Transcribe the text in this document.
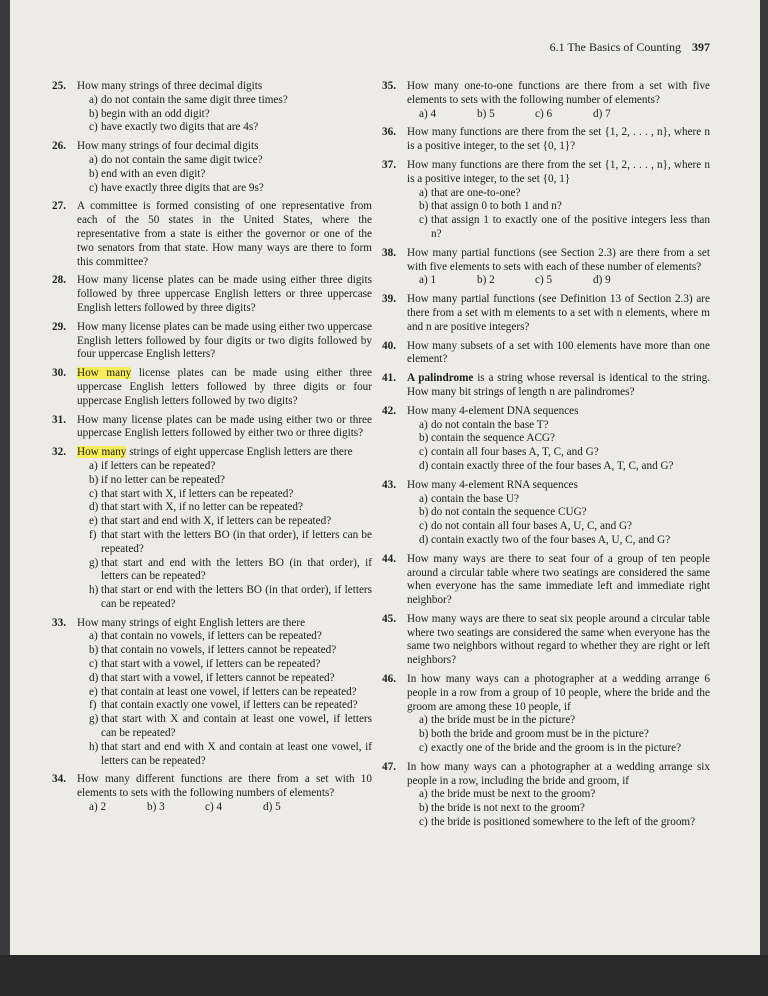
6.1 The Basics of Counting 397
25. How many strings of three decimal digits
a) do not contain the same digit three times?
b) begin with an odd digit?
c) have exactly two digits that are 4s?
26. How many strings of four decimal digits
a) do not contain the same digit twice?
b) end with an even digit?
c) have exactly three digits that are 9s?
27. A committee is formed consisting of one representative from each of the 50 states in the United States, where the representative from a state is either the governor or one of the two senators from that state. How many ways are there to form this committee?
28. How many license plates can be made using either three digits followed by three uppercase English letters or three uppercase English letters followed by three digits?
29. How many license plates can be made using either two uppercase English letters followed by four digits or two digits followed by four uppercase English letters?
30. How many license plates can be made using either three uppercase English letters followed by three digits or four uppercase English letters followed by two digits?
31. How many license plates can be made using either two or three uppercase English letters followed by either two or three digits?
32. How many strings of eight uppercase English letters are there
a) if letters can be repeated?
b) if no letter can be repeated?
c) that start with X, if letters can be repeated?
d) that start with X, if no letter can be repeated?
e) that start and end with X, if letters can be repeated?
f) that start with the letters BO (in that order), if letters can be repeated?
g) that start and end with the letters BO (in that order), if letters can be repeated?
h) that start or end with the letters BO (in that order), if letters can be repeated?
33. How many strings of eight English letters are there
a) that contain no vowels, if letters can be repeated?
b) that contain no vowels, if letters cannot be repeated?
c) that start with a vowel, if letters can be repeated?
d) that start with a vowel, if letters cannot be repeated?
e) that contain at least one vowel, if letters can be repeated?
f) that contain exactly one vowel, if letters can be repeated?
g) that start with X and contain at least one vowel, if letters can be repeated?
h) that start and end with X and contain at least one vowel, if letters can be repeated?
34. How many different functions are there from a set with 10 elements to sets with the following numbers of elements?
a) 2	b) 3	c) 4	d) 5
35. How many one-to-one functions are there from a set with five elements to sets with the following number of elements?
a) 4	b) 5	c) 6	d) 7
36. How many functions are there from the set {1, 2, . . . , n}, where n is a positive integer, to the set {0, 1}?
37. How many functions are there from the set {1, 2, . . . , n}, where n is a positive integer, to the set {0, 1}
a) that are one-to-one?
b) that assign 0 to both 1 and n?
c) that assign 1 to exactly one of the positive integers less than n?
38. How many partial functions (see Section 2.3) are there from a set with five elements to sets with each of these number of elements?
a) 1	b) 2	c) 5	d) 9
39. How many partial functions (see Definition 13 of Section 2.3) are there from a set with m elements to a set with n elements, where m and n are positive integers?
40. How many subsets of a set with 100 elements have more than one element?
41. A palindrome is a string whose reversal is identical to the string. How many bit strings of length n are palindromes?
42. How many 4-element DNA sequences
a) do not contain the base T?
b) contain the sequence ACG?
c) contain all four bases A, T, C, and G?
d) contain exactly three of the four bases A, T, C, and G?
43. How many 4-element RNA sequences
a) contain the base U?
b) do not contain the sequence CUG?
c) do not contain all four bases A, U, C, and G?
d) contain exactly two of the four bases A, U, C, and G?
44. How many ways are there to seat four of a group of ten people around a circular table where two seatings are considered the same when everyone has the same immediate left and immediate right neighbor?
45. How many ways are there to seat six people around a circular table where two seatings are considered the same when everyone has the same two neighbors without regard to whether they are right or left neighbors?
46. In how many ways can a photographer at a wedding arrange 6 people in a row from a group of 10 people, where the bride and the groom are among these 10 people, if
a) the bride must be in the picture?
b) both the bride and groom must be in the picture?
c) exactly one of the bride and the groom is in the picture?
47. In how many ways can a photographer at a wedding arrange six people in a row, including the bride and groom, if
a) the bride must be next to the groom?
b) the bride is not next to the groom?
c) the bride is positioned somewhere to the left of the groom?
